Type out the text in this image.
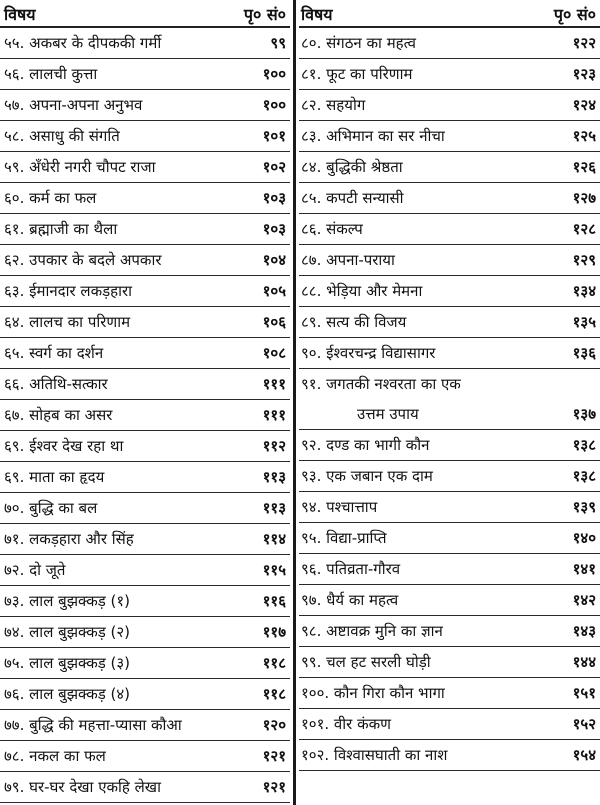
विषय	पृ० सं०
५५. अकबर के दीपककी गर्मी	९९
५६. लालची कुत्ता	१००
५७. अपना-अपना अनुभव	१००
५८. असाधु की संगति	१०१
५९. अँधेरी नगरी चौपट राजा	१०२
६०. कर्म का फल	१०३
६१. ब्रह्माजी का थैला	१०३
६२. उपकार के बदले अपकार	१०४
६३. ईमानदार लकड़हारा	१०५
६४. लालच का परिणाम	१०६
६५. स्वर्ग का दर्शन	१०८
६६. अतिथि-सत्कार	१११
६७. सोहब का असर	१११
६९. ईश्वर देख रहा था	११२
६९. माता का हृदय	११३
७०. बुद्धि का बल	११३
७१. लकड़हारा और सिंह	११४
७२. दो जूते	११५
७३. लाल बुझक्कड़ (१)	११६
७४. लाल बुझक्कड़ (२)	११७
७५. लाल बुझक्कड़ (३)	११८
७६. लाल बुझक्कड़ (४)	११८
७७. बुद्धि की महत्ता-प्यासा कौआ	१२०
७८. नकल का फल	१२१
७९. घर-घर देखा एकहि लेखा	१२१
विषय	पृ० सं०
८०. संगठन का महत्व	१२२
८१. फूट का परिणाम	१२३
८२. सहयोग	१२४
८३. अभिमान का सर नीचा	१२५
८४. बुद्धिकी श्रेष्ठता	१२६
८५. कपटी सन्यासी	१२७
८६. संकल्प	१२८
८७. अपना-पराया	१२९
८८. भेड़िया और मेमना	१३४
८९. सत्य की विजय	१३५
९०. ईश्वरचन्द्र विद्यासागर	१३६
९१. जगतकी नश्वरता का एक
उत्तम उपाय	१३७
९२. दण्ड का भागी कौन	१३८
९३. एक जबान एक दाम	१३८
९४. पश्चात्ताप	१३९
९५. विद्या-प्राप्ति	१४०
९६. पतिव्रता-गौरव	१४१
९७. धैर्य का महत्व	१४२
९८. अष्टावक्र मुनि का ज्ञान	१४३
९९. चल हट सरली घोड़ी	१४४
१००. कौन गिरा कौन भागा	१५१
१०१. वीर कंकण	१५२
१०२. विश्वासघाती का नाश	१५४
